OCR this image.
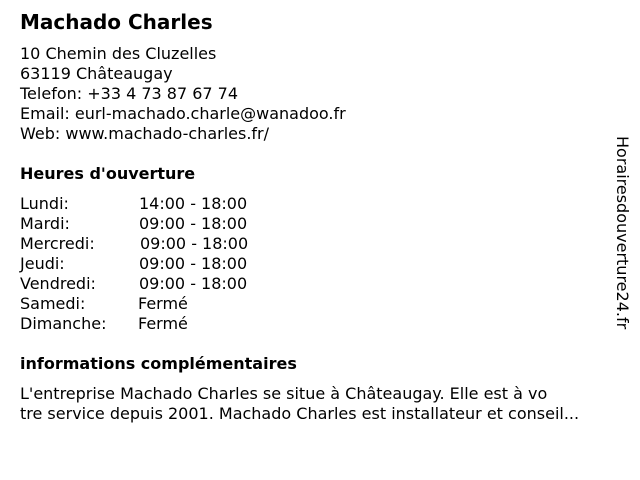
Machado Charles
10 Chemin des Cluzelles
63119 Châteaugay
Telefon: +33 4 73 87 67 74
Email: eurl-machado.charle@wanadoo.fr
Web: www.machado-charles.fr/
Heures d'ouverture
Lundi:	14:00 - 18:00
Mardi:	09:00 - 18:00
Mercredi:	09:00 - 18:00
Jeudi:	09:00 - 18:00
Vendredi:	09:00 - 18:00
Samedi:	Fermé
Dimanche: Fermé
informations complémentaires
L'entreprise Machado Charles se situe à Châteaugay. Elle est à vo
tre service depuis 2001. Machado Charles est installateur et conseil...
Horairesdouverture24.fr
